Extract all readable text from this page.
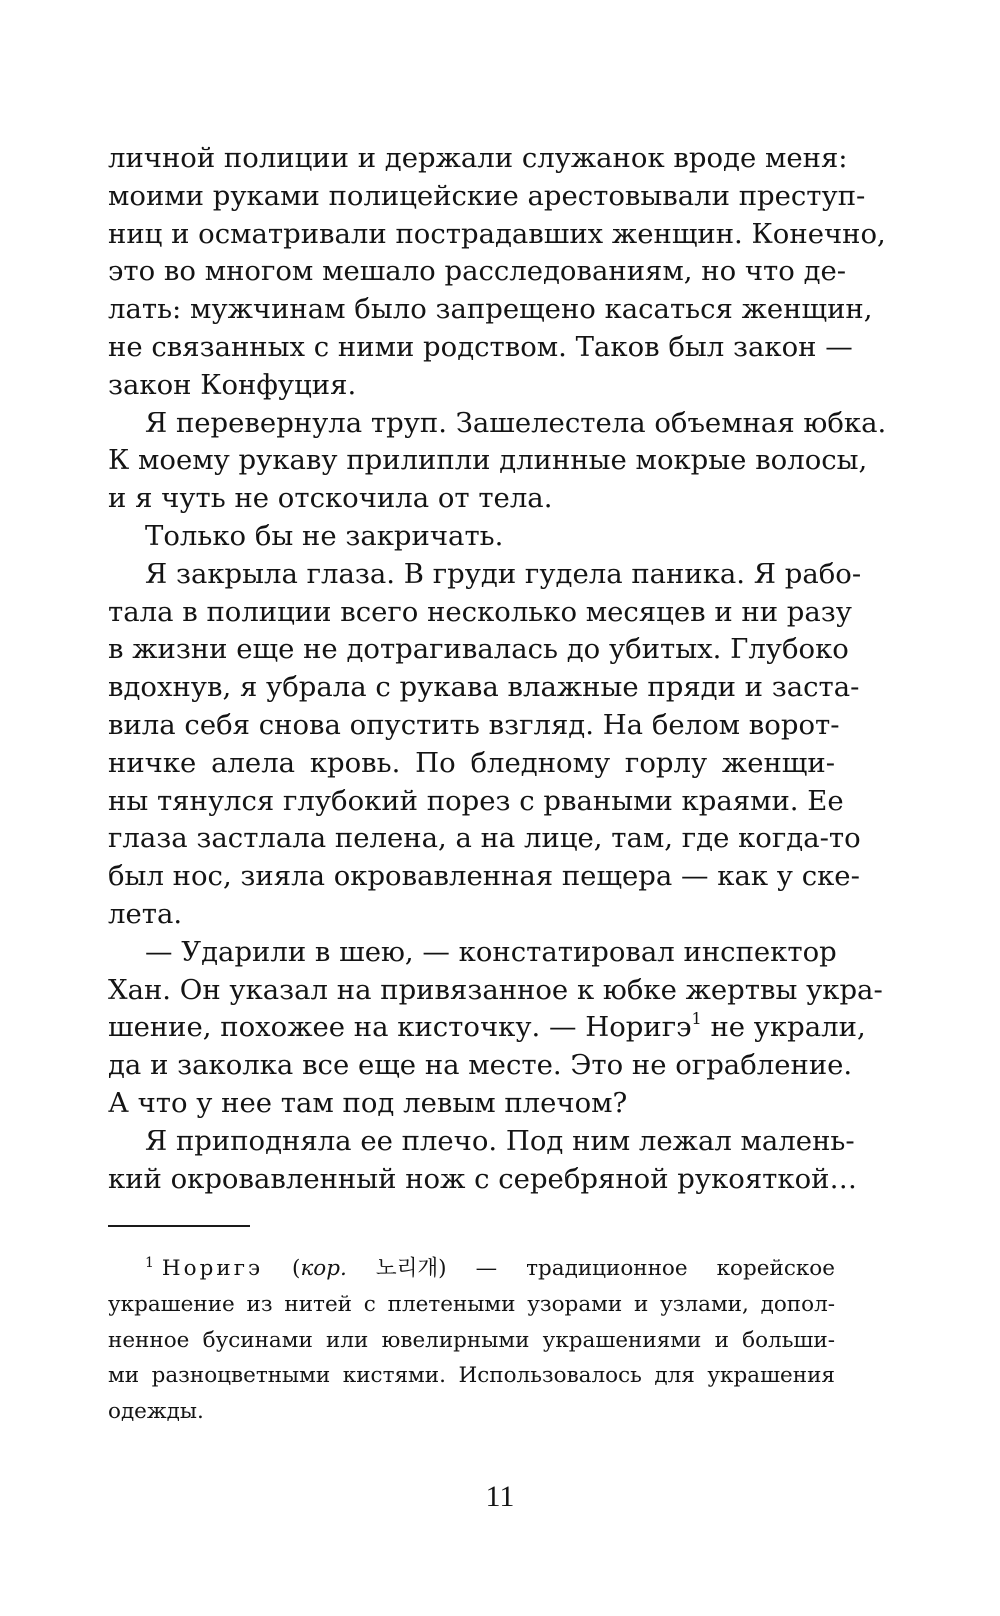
личной полиции и держали служанок вроде меня:
моими руками полицейские арестовывали преступ-
ниц и осматривали пострадавших женщин. Конечно,
это во многом мешало расследованиям, но что де-
лать: мужчинам было запрещено касаться женщин,
не связанных с ними родством. Таков был закон —
закон Конфуция.
Я перевернула труп. Зашелестела объемная юбка.
К моему рукаву прилипли длинные мокрые волосы,
и я чуть не отскочила от тела.
Только бы не закричать.
Я закрыла глаза. В груди гудела паника. Я рабо-
тала в полиции всего несколько месяцев и ни разу
в жизни еще не дотрагивалась до убитых. Глубоко
вдохнув, я убрала с рукава влажные пряди и заста-
вила себя снова опустить взгляд. На белом ворот-
ничке алела кровь. По бледному горлу женщи-
ны тянулся глубокий порез с рваными краями. Ее
глаза застлала пелена, а на лице, там, где когда-то
был нос, зияла окровавленная пещера — как у ске-
лета.
— Ударили в шею, — констатировал инспектор
Хан. Он указал на привязанное к юбке жертвы укра-
шение, похожее на кисточку. — Норигэ$^1$ не украли,
да и заколка все еще на месте. Это не ограбление.
А что у нее там под левым плечом?
Я приподняла ее плечо. Под ним лежал малень-
кий окровавленный нож с серебряной рукояткой…
$^1$ Норигэ (кор. 노리개) — традиционное корейское
украшение из нитей с плетеными узорами и узлами, допол-
ненное бусинами или ювелирными украшениями и больши-
ми разноцветными кистями. Использовалось для украшения
одежды.
11
